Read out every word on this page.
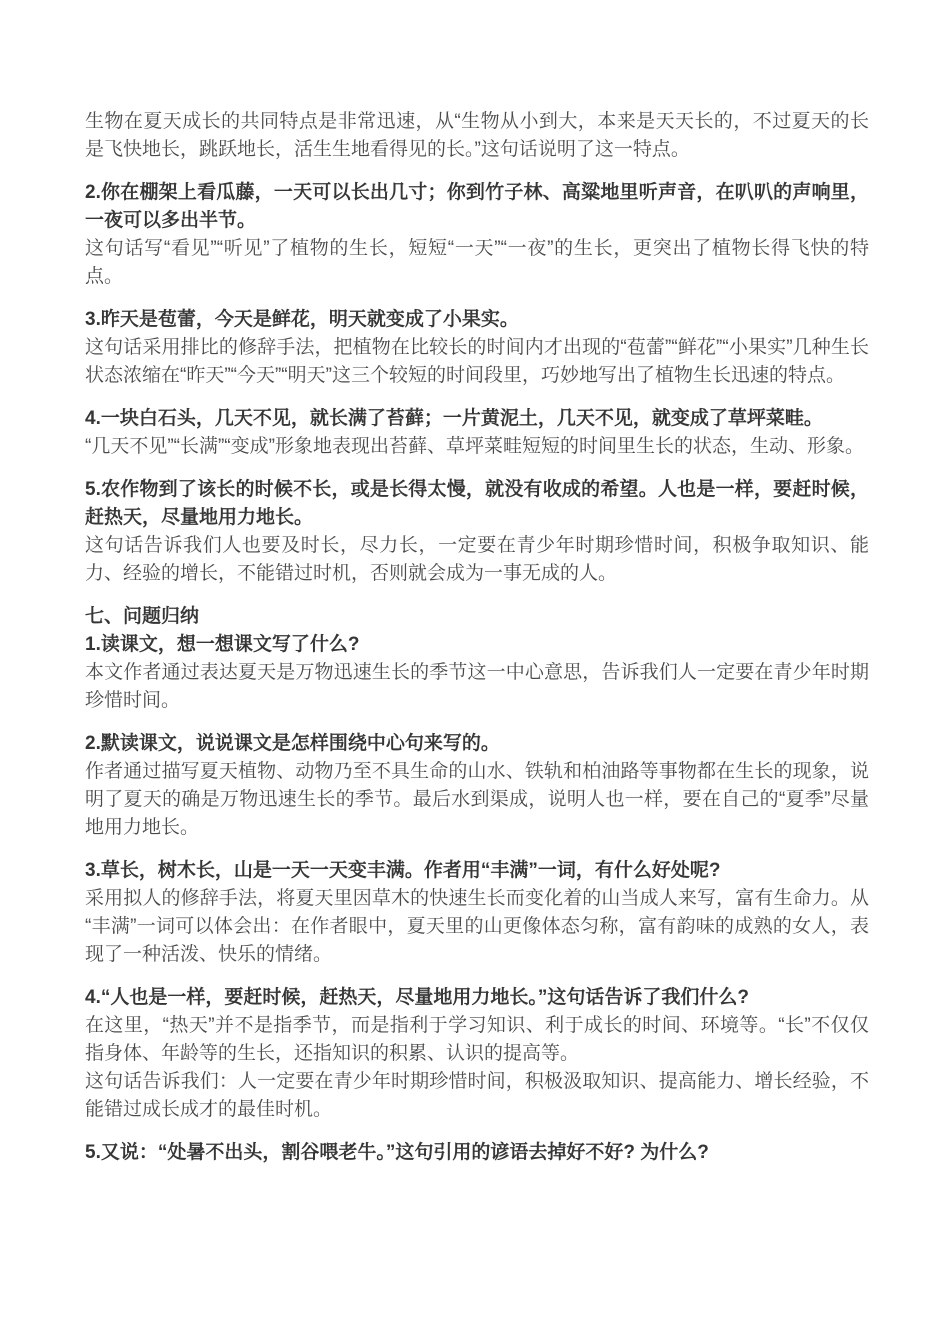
生物在夏天成长的共同特点是非常迅速，从“生物从小到大，本来是天天长的，不过夏天的长是飞快地长，跳跃地长，活生生地看得见的长。”这句话说明了这一特点。

2.你在棚架上看瓜藤，一天可以长出几寸；你到竹子林、高粱地里听声音，在叭叭的声响里，一夜可以多出半节。

这句话写“看见”“听见”了植物的生长，短短“一天”“一夜”的生长，更突出了植物长得飞快的特点。

3.昨天是苞蕾，今天是鲜花，明天就变成了小果实。

这句话采用排比的修辞手法，把植物在比较长的时间内才出现的“苞蕾”“鲜花”“小果实”几种生长状态浓缩在“昨天”“今天”“明天”这三个较短的时间段里，巧妙地写出了植物生长迅速的特点。

4.一块白石头，几天不见，就长满了苔藓；一片黄泥土，几天不见，就变成了草坪菜畦。

“几天不见”“长满”“变成”形象地表现出苔藓、草坪菜畦短短的时间里生长的状态，生动、形象。

5.农作物到了该长的时候不长，或是长得太慢，就没有收成的希望。人也是一样，要赶时候，赶热天，尽量地用力地长。

这句话告诉我们人也要及时长，尽力长，一定要在青少年时期珍惜时间，积极争取知识、能力、经验的增长，不能错过时机，否则就会成为一事无成的人。

七、问题归纳

1.读课文，想一想课文写了什么?

本文作者通过表达夏天是万物迅速生长的季节这一中心意思，告诉我们人一定要在青少年时期珍惜时间。

2.默读课文，说说课文是怎样围绕中心句来写的。

作者通过描写夏天植物、动物乃至不具生命的山水、铁轨和柏油路等事物都在生长的现象，说明了夏天的确是万物迅速生长的季节。最后水到渠成，说明人也一样，要在自己的“夏季”尽量地用力地长。

3.草长，树木长，山是一天一天变丰满。作者用“丰满”一词，有什么好处呢?

采用拟人的修辞手法，将夏天里因草木的快速生长而变化着的山当成人来写，富有生命力。从“丰满”一词可以体会出：在作者眼中，夏天里的山更像体态匀称，富有韵味的成熟的女人，表现了一种活泼、快乐的情绪。

4.“人也是一样，要赶时候，赶热天，尽量地用力地长。”这句话告诉了我们什么?

在这里，“热天”并不是指季节，而是指利于学习知识、利于成长的时间、环境等。“长”不仅仅指身体、年龄等的生长，还指知识的积累、认识的提高等。

这句话告诉我们：人一定要在青少年时期珍惜时间，积极汲取知识、提高能力、增长经验，不能错过成长成才的最佳时机。

5.又说：“处暑不出头，割谷喂老牛。”这句引用的谚语去掉好不好? 为什么?
